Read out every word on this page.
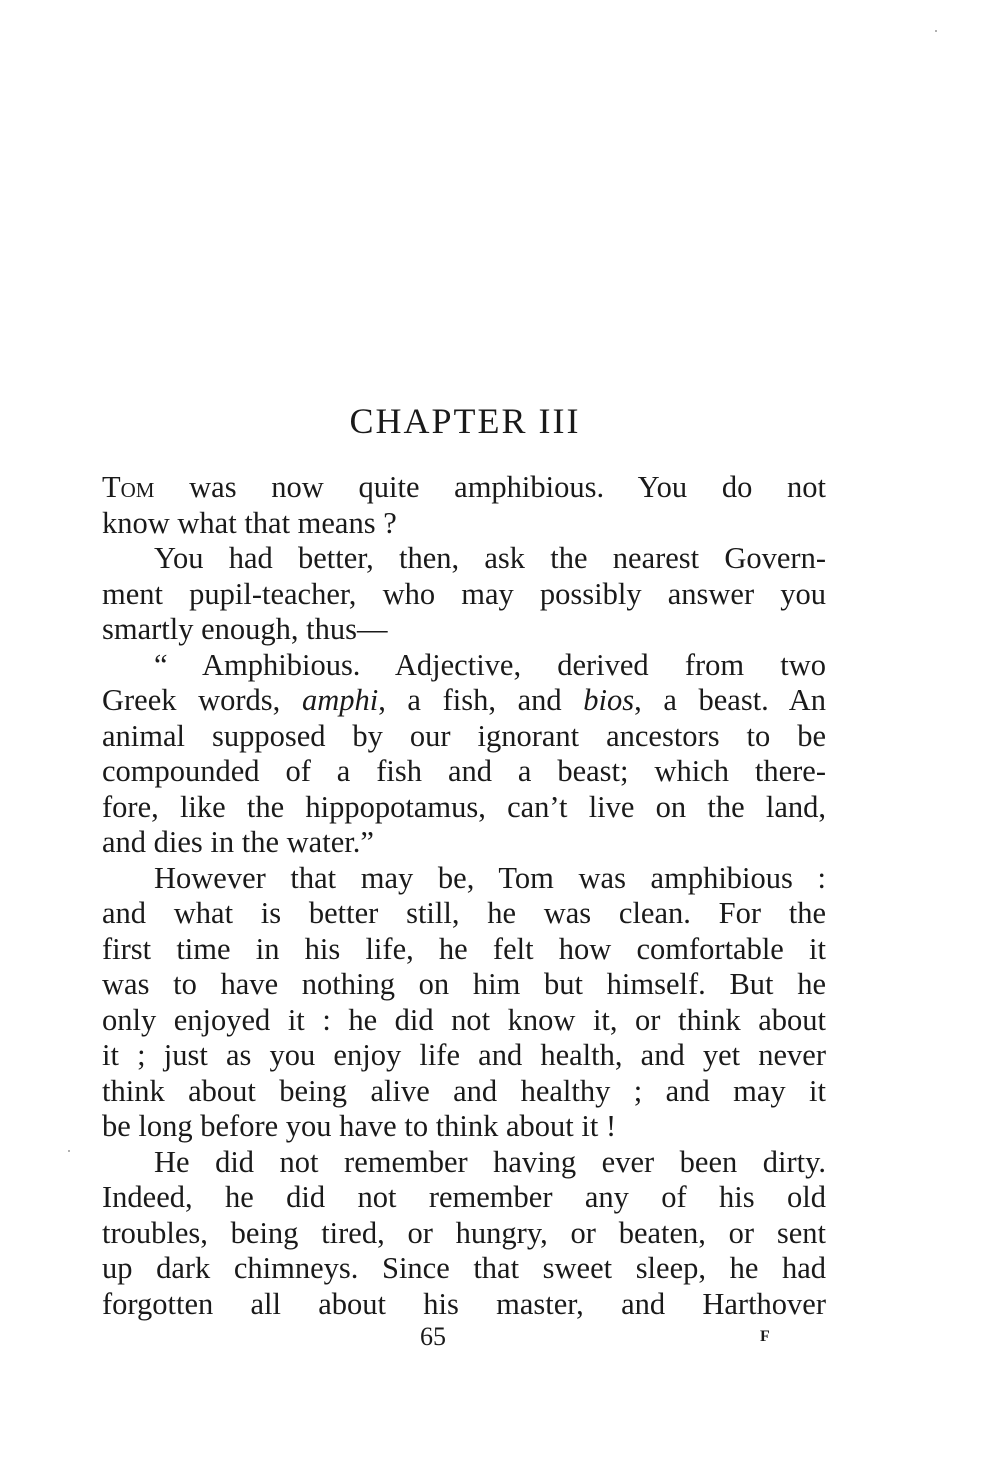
CHAPTER III
Tom was now quite amphibious. You do not
know what that means ?
You had better, then, ask the nearest Govern-
ment pupil-teacher, who may possibly answer you
smartly enough, thus—
“ Amphibious. Adjective, derived from two
Greek words, amphi, a fish, and bios, a beast. An
animal supposed by our ignorant ancestors to be
compounded of a fish and a beast; which there-
fore, like the hippopotamus, can’t live on the land,
and dies in the water.”
However that may be, Tom was amphibious :
and what is better still, he was clean. For the
first time in his life, he felt how comfortable it
was to have nothing on him but himself. But he
only enjoyed it : he did not know it, or think about
it ; just as you enjoy life and health, and yet never
think about being alive and healthy ; and may it
be long before you have to think about it !
He did not remember having ever been dirty.
Indeed, he did not remember any of his old
troubles, being tired, or hungry, or beaten, or sent
up dark chimneys. Since that sweet sleep, he had
forgotten all about his master, and Harthover
65	F
